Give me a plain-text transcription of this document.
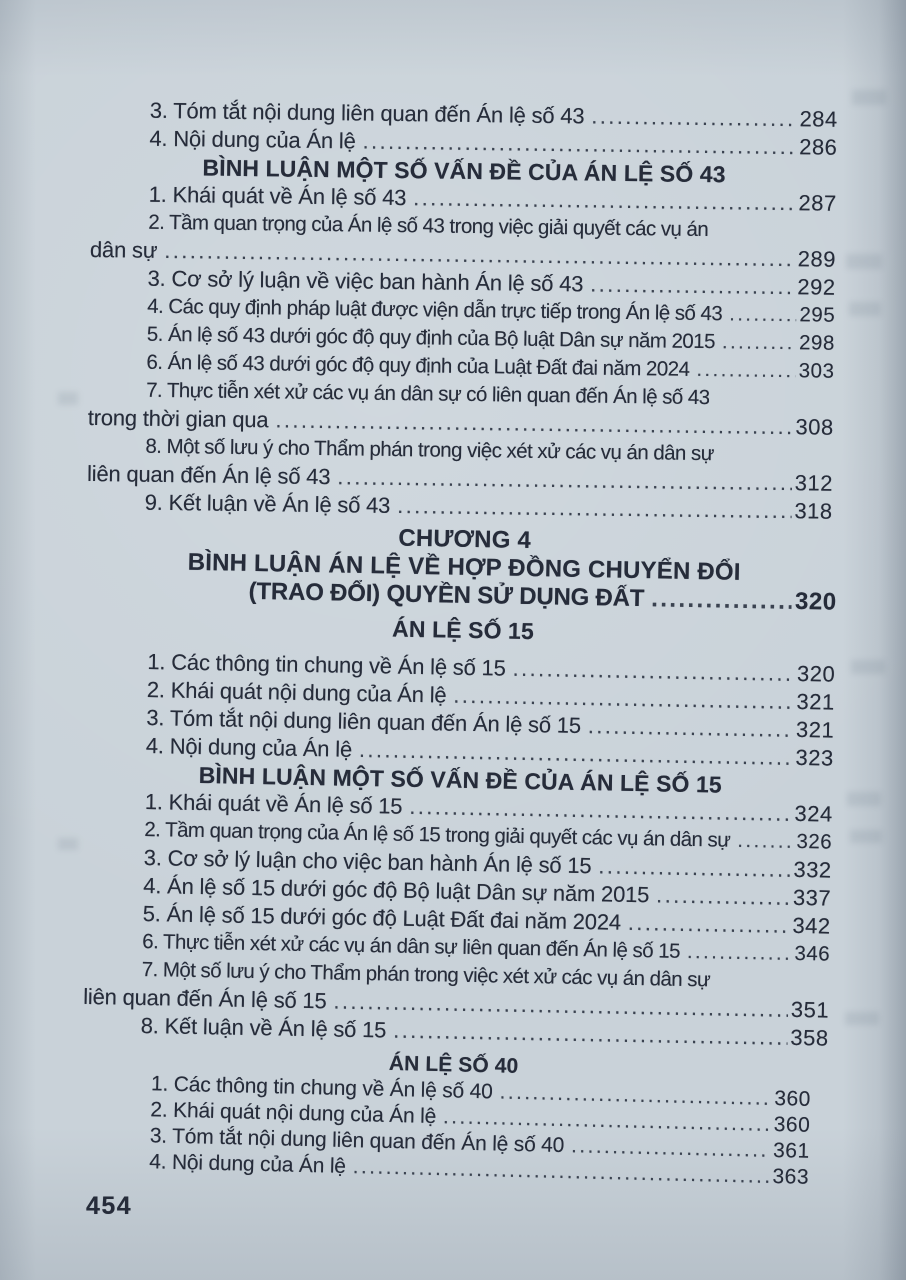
3. Tóm tắt nội dung liên quan đến Án lệ số 43 .....	284
4. Nội dung của Án lệ .....	286
BÌNH LUẬN MỘT SỐ VẤN ĐỀ CỦA ÁN LỆ SỐ 43
1. Khái quát về Án lệ số 43 .....	287
2. Tầm quan trọng của Án lệ số 43 trong việc giải quyết các vụ án
dân sự .....	289
3. Cơ sở lý luận về việc ban hành Án lệ số 43 .....	292
4. Các quy định pháp luật được viện dẫn trực tiếp trong Án lệ số 43 .....	295
5. Án lệ số 43 dưới góc độ quy định của Bộ luật Dân sự năm 2015 .....	298
6. Án lệ số 43 dưới góc độ quy định của Luật Đất đai năm 2024 .....	303
7. Thực tiễn xét xử các vụ án dân sự có liên quan đến Án lệ số 43
trong thời gian qua .....	308
8. Một số lưu ý cho Thẩm phán trong việc xét xử các vụ án dân sự
liên quan đến Án lệ số 43 .....	312
9. Kết luận về Án lệ số 43 .....	318
CHƯƠNG 4
BÌNH LUẬN ÁN LỆ VỀ HỢP ĐỒNG CHUYỂN ĐỔI
(TRAO ĐỔI) QUYỀN SỬ DỤNG ĐẤT .....	320
ÁN LỆ SỐ 15
1. Các thông tin chung về Án lệ số 15 .....	320
2. Khái quát nội dung của Án lệ .....	321
3. Tóm tắt nội dung liên quan đến Án lệ số 15 .....	321
4. Nội dung của Án lệ .....	323
BÌNH LUẬN MỘT SỐ VẤN ĐỀ CỦA ÁN LỆ SỐ 15
1. Khái quát về Án lệ số 15 .....	324
2. Tầm quan trọng của Án lệ số 15 trong giải quyết các vụ án dân sự .....	326
3. Cơ sở lý luận cho việc ban hành Án lệ số 15 .....	332
4. Án lệ số 15 dưới góc độ Bộ luật Dân sự năm 2015 .....	337
5. Án lệ số 15 dưới góc độ Luật Đất đai năm 2024 .....	342
6. Thực tiễn xét xử các vụ án dân sự liên quan đến Án lệ số 15 .....	346
7. Một số lưu ý cho Thẩm phán trong việc xét xử các vụ án dân sự
liên quan đến Án lệ số 15 .....	351
8. Kết luận về Án lệ số 15 .....	358
ÁN LỆ SỐ 40
1. Các thông tin chung về Án lệ số 40 .....	360
2. Khái quát nội dung của Án lệ .....	360
3. Tóm tắt nội dung liên quan đến Án lệ số 40 .....	361
4. Nội dung của Án lệ .....	363
454
